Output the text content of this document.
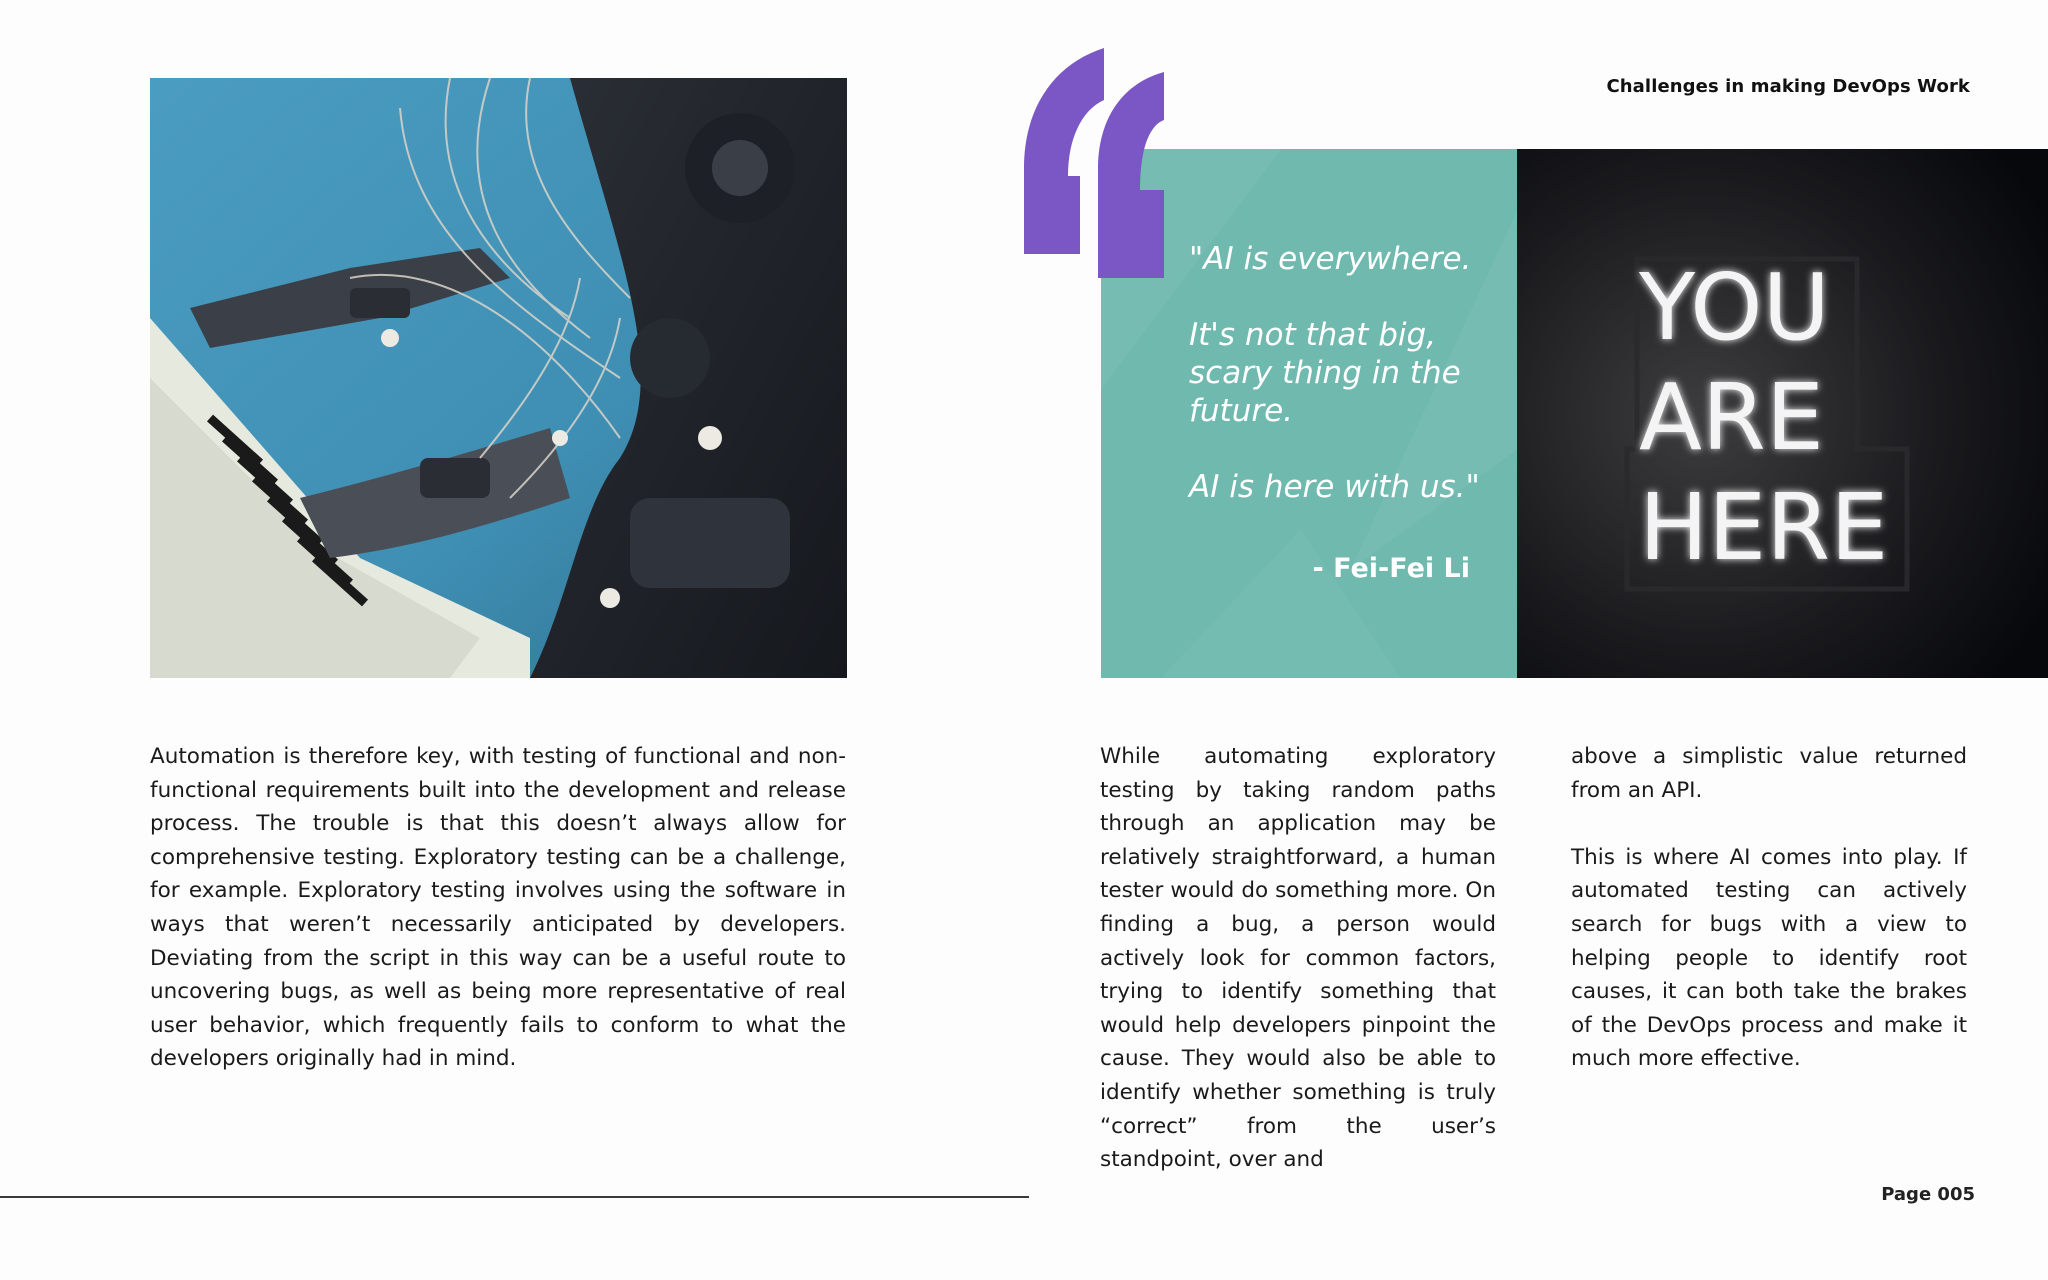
Challenges in making DevOps Work
"AI is everywhere.

It's not that big, scary thing in the future.

AI is here with us."
- Fei-Fei Li
YOU
ARE
HERE
Automation is therefore key, with testing of functional and non-functional requirements built into the development and release process. The trouble is that this doesn’t always allow for comprehensive testing. Exploratory testing can be a challenge, for example. Exploratory testing involves using the software in ways that weren’t necessarily anticipated by developers. Deviating from the script in this way can be a useful route to uncovering bugs, as well as being more representative of real user behavior, which frequently fails to conform to what the developers originally had in mind.
While automating exploratory testing by taking random paths through an application may be relatively straightforward, a human tester would do something more. On finding a bug, a person would actively look for common factors, trying to identify something that would help developers pinpoint the cause. They would also be able to identify whether something is truly “correct” from the user’s standpoint, over and

above a simplistic value returned from an API.

This is where AI comes into play. If automated testing can actively search for bugs with a view to helping people to identify root causes, it can both take the brakes of the DevOps process and make it much more effective.

Page 005
